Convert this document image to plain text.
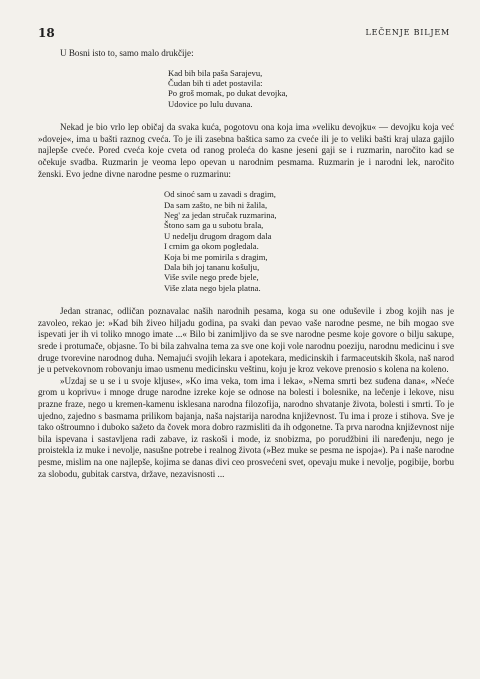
18	LEČENJE BILJEM

U Bosni isto to, samo malo drukčije:

Kad bih bila paša Sarajevu,
Čudan bih ti adet postavila:
Po groš momak, po dukat devojka,
Udovice po lulu duvana.

Nekad je bio vrlo lep običaj da svaka kuća, pogotovu ona koja ima »veliku devojku« — devojku koja već »doveje«, ima u bašti raznog cveća. To je ili zasebna baštica samo za cveće ili je to veliki bašti kraj ulaza gajilo najlepše cveće. Pored cveća koje cveta od ranog proleća do kasne jeseni gaji se i ruzmarin, naročito kad se očekuje svadba. Ruzmarin je veoma lepo opevan u narodnim pesmama. Ruzmarin je i narodni lek, naročito ženski. Evo jedne divne narodne pesme o ruzmarinu:

Od sinoć sam u zavadi s dragim,
Da sam zašto, ne bih ni žalila,
Neg' za jedan stručak ruzmarina,
Štono sam ga u subotu brala,
U nedelju drugom dragom dala
I crnim ga okom pogledala.
Koja bi me pomirila s dragim,
Dala bih joj tananu košulju,
Više svile nego pređe bjele,
Više zlata nego bjela platna.

Jedan stranac, odličan poznavalac naših narodnih pesama, koga su one oduševile i zbog kojih nas je zavoleo, rekao je: »Kad bih živeo hiljadu godina, pa svaki dan pevao vaše narodne pesme, ne bih mogao sve ispevati jer ih vi toliko mnogo imate ...« Bilo bi zanimljivo da se sve narodne pesme koje govore o bilju sakupe, srede i protumače, objasne. To bi bila zahvalna tema za sve one koji vole narodnu poeziju, narodnu medicinu i sve druge tvorevine narodnog duha. Nemajući svojih lekara i apotekara, medicinskih i farmaceutskih škola, naš narod je u petvekovnom robovanju imao usmenu medicinsku veštinu, koju je kroz vekove prenosio s kolena na koleno.

»Uzdaj se u se i u svoje kljuse«, »Ko ima veka, tom ima i leka«, »Nema smrti bez suđena dana«, »Neće grom u koprivu« i mnoge druge narodne izreke koje se odnose na bolesti i bolesnike, na lečenje i lekove, nisu prazne fraze, nego u kremen-kamenu isklesana narodna filozofija, narodno shvatanje života, bolesti i smrti. To je ujedno, zajedno s basmama prilikom bajanja, naša najstarija narodna književnost. Tu ima i proze i stihova. Sve je tako oštroumno i duboko sažeto da čovek mora dobro razmisliti da ih odgonetne. Ta prva narodna književnost nije bila ispevana i sastavljena radi zabave, iz raskoši i mode, iz snobizma, po porudžbini ili naređenju, nego je proistekla iz muke i nevolje, nasušne potrebe i realnog života (»Bez muke se pesma ne ispoja«). Pa i naše narodne pesme, mislim na one najlepše, kojima se danas divi ceo prosvećeni svet, opevaju muke i nevolje, pogibije, borbu za slobodu, gubitak carstva, države, nezavisnosti ...
